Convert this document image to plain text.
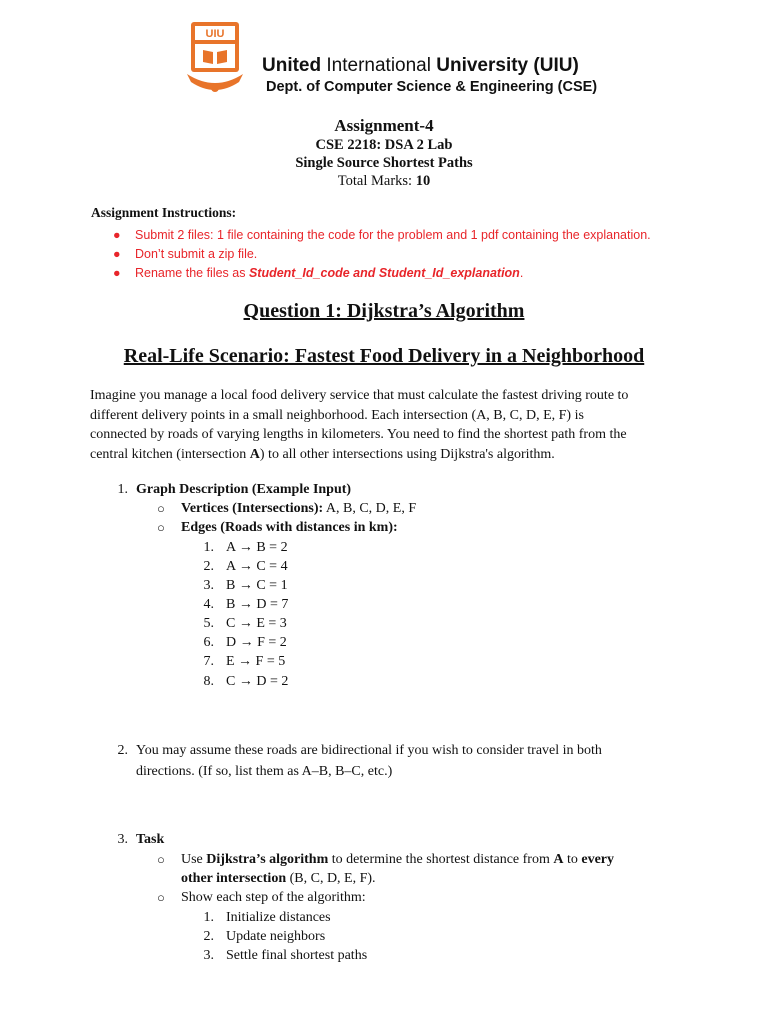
UIU
United International University (UIU)
Dept. of Computer Science & Engineering (CSE)
Assignment-4
CSE 2218: DSA 2 Lab
Single Source Shortest Paths
Total Marks: 10
Assignment Instructions:
● Submit 2 files: 1 file containing the code for the problem and 1 pdf containing the explanation.
● Don’t submit a zip file.
● Rename the files as Student_Id_code and Student_Id_explanation.
Question 1: Dijkstra’s Algorithm
Real-Life Scenario: Fastest Food Delivery in a Neighborhood
Imagine you manage a local food delivery service that must calculate the fastest driving route to
different delivery points in a small neighborhood. Each intersection (A, B, C, D, E, F) is
connected by roads of varying lengths in kilometers. You need to find the shortest path from the
central kitchen (intersection A) to all other intersections using Dijkstra's algorithm.
1. Graph Description (Example Input)
○ Vertices (Intersections): A, B, C, D, E, F
○ Edges (Roads with distances in km):
1. A → B = 2
2. A → C = 4
3. B → C = 1
4. B → D = 7
5. C → E = 3
6. D → F = 2
7. E → F = 5
8. C → D = 2
2. You may assume these roads are bidirectional if you wish to consider travel in both
directions. (If so, list them as A–B, B–C, etc.)
3. Task
○ Use Dijkstra’s algorithm to determine the shortest distance from A to every
other intersection (B, C, D, E, F).
○ Show each step of the algorithm:
1. Initialize distances
2. Update neighbors
3. Settle final shortest paths
